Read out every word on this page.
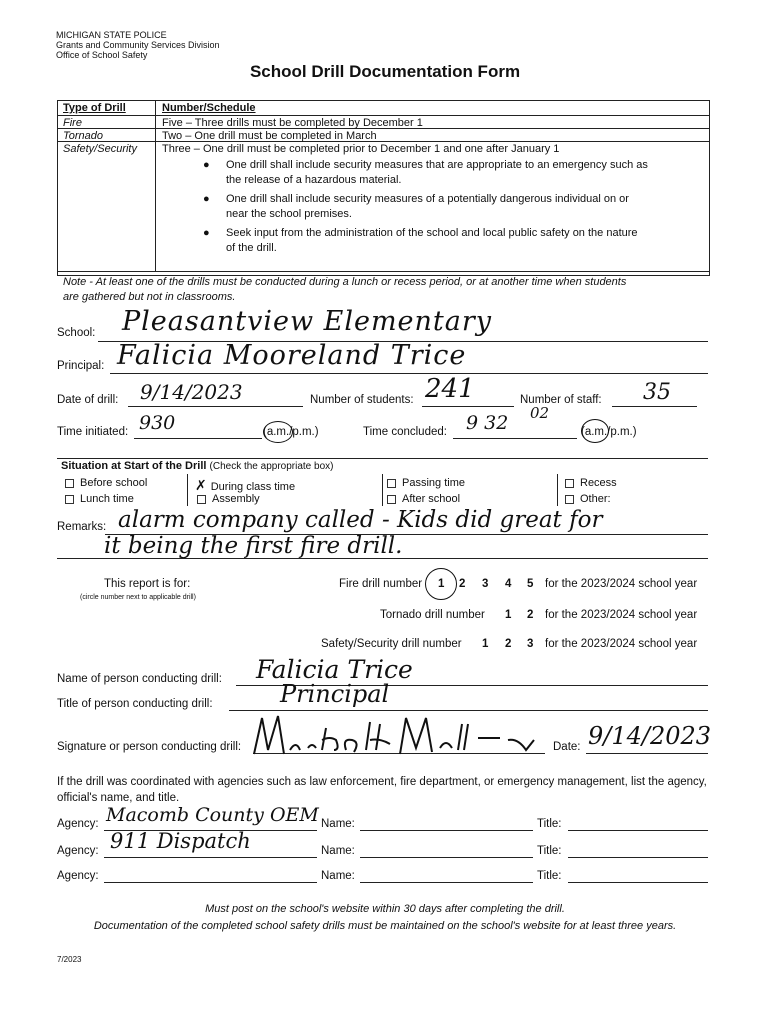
MICHIGAN STATE POLICE
Grants and Community Services Division
Office of School Safety
School Drill Documentation Form
Type of Drill	Number/Schedule
Fire	Five – Three drills must be completed by December 1
Tornado	Two – One drill must be completed in March
Safety/Security Three – One drill must be completed prior to December 1 and one after January 1
● One drill shall include security measures that are appropriate to an emergency such as
the release of a hazardous material.
● One drill shall include security measures of a potentially dangerous individual on or
near the school premises.
● Seek input from the administration of the school and local public safety on the nature
of the drill.
Note - At least one of the drills must be conducted during a lunch or recess period, or at another time when students
are gathered but not in classrooms.
School: Pleasantview Elementary
Principal: Falicia Mooreland Trice
Date of drill: 9/14/2023	Number of students: 241	Number of staff: 35
Time initiated: 930	(a.m./p.m.)	Time concluded: 9 32 02
(a.m./p.m.)
Situation at Start of the Drill (Check the appropriate box)
Before school	✗ During class time	Passing time	Recess
Lunch time	Assembly	After school	Other:
Remarks: alarm company called - Kids did great for
it being the first fire drill.
This report is for:
(circle number next to applicable drill)
Fire drill number 1 2 3 4 5 for the 2023/2024 school year
Tornado drill number 1 2 for the 2023/2024 school year
Safety/Security drill number 1 2 3 for the 2023/2024 school year
Name of person conducting drill: Falicia Trice
Title of person conducting drill:	Principal
Signature or person conducting drill:	Date: 9/14/2023
If the drill was coordinated with agencies such as law enforcement, fire department, or emergency management, list the agency, official's name, and title.
Agency: Macomb County OEM Name:	Title:
Agency: 911 Dispatch	Name:	Title:
Agency:	Name:	Title:
Must post on the school's website within 30 days after completing the drill.
Documentation of the completed school safety drills must be maintained on the school's website for at least three years.
7/2023
